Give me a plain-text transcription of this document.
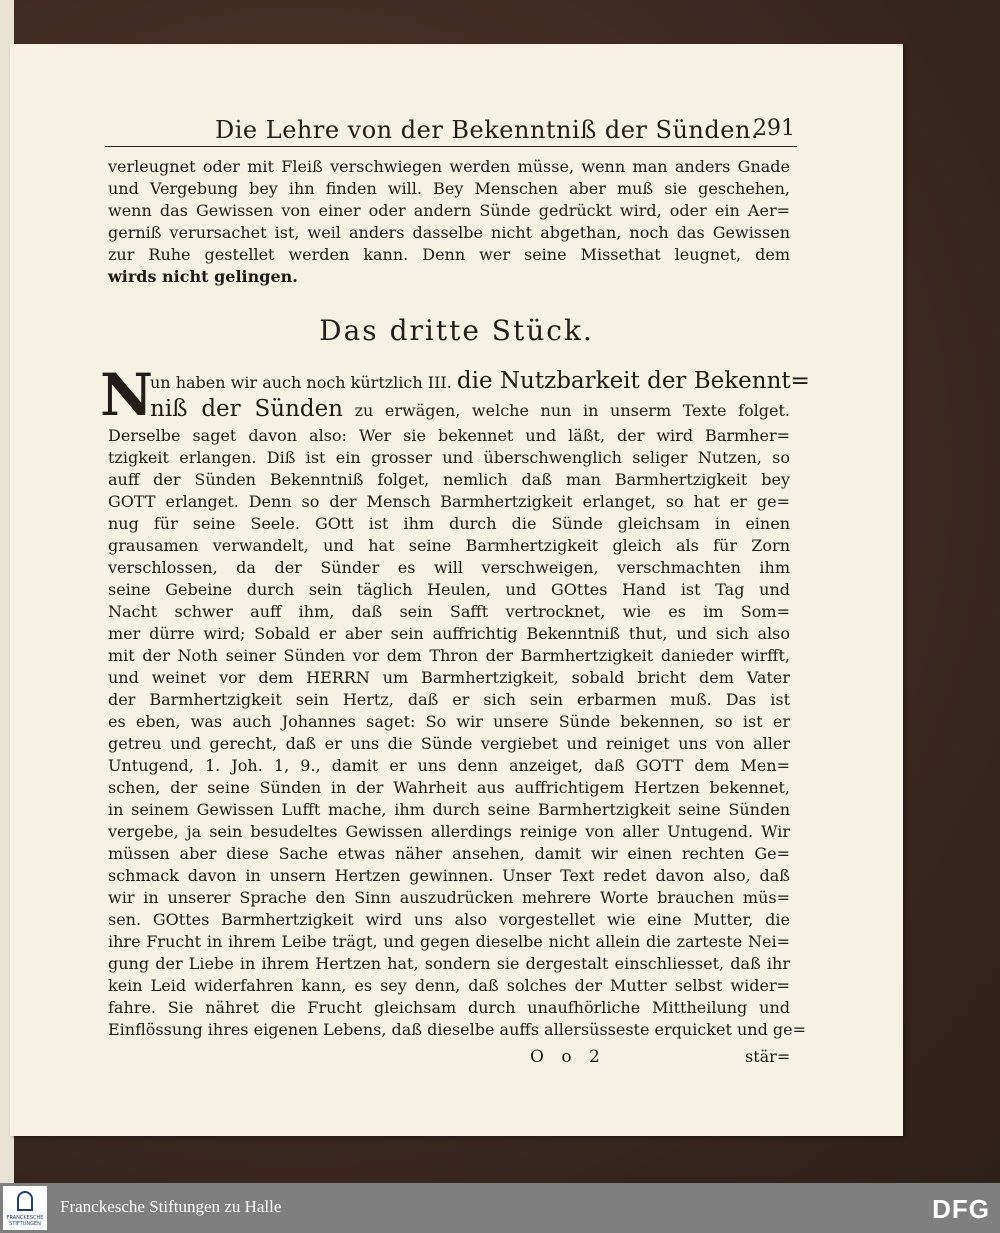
Die Lehre von der Bekenntniß der Sünden.
291
verleugnet oder mit Fleiß verschwiegen werden müsse, wenn man anders Gnade
und Vergebung bey ihn finden will. Bey Menschen aber muß sie geschehen,
wenn das Gewissen von einer oder andern Sünde gedrückt wird, oder ein Aer=
gerniß verursachet ist, weil anders dasselbe nicht abgethan, noch das Gewissen
zur Ruhe gestellet werden kann. Denn wer seine Missethat leugnet, dem
wirds nicht gelingen.
Das dritte Stück.
N
un haben wir auch noch kürtzlich III. die Nutzbarkeit der Bekennt=
niß der Sünden zu erwägen, welche nun in unserm Texte folget.
Derselbe saget davon also: Wer sie bekennet und läßt, der wird Barmher=
tzigkeit erlangen. Diß ist ein grosser und überschwenglich seliger Nutzen, so
auff der Sünden Bekenntniß folget, nemlich daß man Barmhertzigkeit bey
GOTT erlanget. Denn so der Mensch Barmhertzigkeit erlanget, so hat er ge=
nug für seine Seele. GOtt ist ihm durch die Sünde gleichsam in einen
grausamen verwandelt, und hat seine Barmhertzigkeit gleich als für Zorn
verschlossen, da der Sünder es will verschweigen, verschmachten ihm
seine Gebeine durch sein täglich Heulen, und GOttes Hand ist Tag und
Nacht schwer auff ihm, daß sein Safft vertrocknet, wie es im Som=
mer dürre wird; Sobald er aber sein auffrichtig Bekenntniß thut, und sich also
mit der Noth seiner Sünden vor dem Thron der Barmhertzigkeit danieder wirfft,
und weinet vor dem HERRN um Barmhertzigkeit, sobald bricht dem Vater
der Barmhertzigkeit sein Hertz, daß er sich sein erbarmen muß. Das ist
es eben, was auch Johannes saget: So wir unsere Sünde bekennen, so ist er
getreu und gerecht, daß er uns die Sünde vergiebet und reiniget uns von aller
Untugend, 1. Joh. 1, 9., damit er uns denn anzeiget, daß GOTT dem Men=
schen, der seine Sünden in der Wahrheit aus auffrichtigem Hertzen bekennet,
in seinem Gewissen Lufft mache, ihm durch seine Barmhertzigkeit seine Sünden
vergebe, ja sein besudeltes Gewissen allerdings reinige von aller Untugend. Wir
müssen aber diese Sache etwas näher ansehen, damit wir einen rechten Ge=
schmack davon in unsern Hertzen gewinnen. Unser Text redet davon also, daß
wir in unserer Sprache den Sinn auszudrücken mehrere Worte brauchen müs=
sen. GOttes Barmhertzigkeit wird uns also vorgestellet wie eine Mutter, die
ihre Frucht in ihrem Leibe trägt, und gegen dieselbe nicht allein die zarteste Nei=
gung der Liebe in ihrem Hertzen hat, sondern sie dergestalt einschliesset, daß ihr
kein Leid widerfahren kann, es sey denn, daß solches der Mutter selbst wider=
fahre. Sie nähret die Frucht gleichsam durch unaufhörliche Mittheilung und
Einflössung ihres eigenen Lebens, daß dieselbe auffs allersüsseste erquicket und ge=
O o 2	stär=
FRANCKESCHE STIFTUNGEN
Franckesche Stiftungen zu Halle	DFG
